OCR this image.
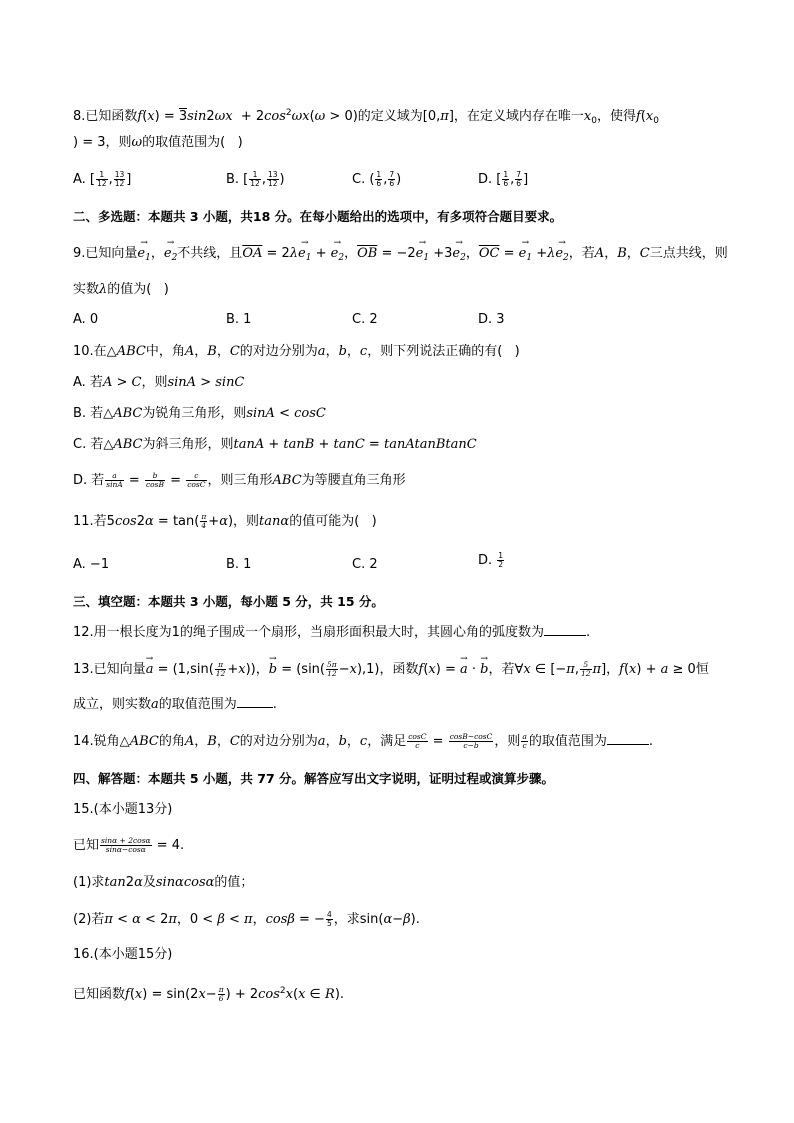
8.已知函数$f(x) = 3\sin 2\omega x + 2\cos^2\omega x(\omega > 0)$的定义域为[0,π]，在定义域内存在唯一$x_0$，使得$f(x_0$
) = 3，则ω的取值范围为(   )
A. [ $\frac{1}{12}$ , $\frac{13}{12}$ ]	B. [ $\frac{1}{12}$ , $\frac{13}{12}$ )	C. ( $\frac{1}{6}$ , $\frac{7}{6}$ )	D. [ $\frac{1}{6}$ , $\frac{7}{6}$ ]
二、多选题：本题共 3 小题，共18 分。在每小题给出的选项中，有多项符合题目要求。
9.已知向量→ $e_1$，→ $e_2$不共线，且$\overline{OA} = 2\lambda\to e_1$ + → $e_2$，$\overline{OB} = -2\to e_1 +3\to e_2$，$\overline{OC}$ = → $e_1 +\lambda\to e_2$，若A，B，C三点共线，则
实数λ的值为(   )
A. 0	B. 1	C. 2	D. 3
10.在△ABC中，角A，B，C的对边分别为a，b，c，则下列说法正确的有(   )
A. 若A > C，则sinA > sinC
B. 若△ABC为锐角三角形，则sinA < cosC
C. 若△ABC为斜三角形，则tanA + tanB + tanC = tanAtanBtanC
D. 若 $\frac{a}{\sin A} = \frac{b}{\cos B} = \frac{c}{\cos C}$ ，则三角形ABC为等腰直角三角形
11.若$5\cos 2\alpha = \tan( \frac{\pi}{4} +\alpha)$，则tanα的值可能为(   )
A. −1	B. 1	C. 2	D. $\frac{1}{2}$
三、填空题：本题共 3 小题，每小题 5 分，共 15 分。
12.用一根长度为1的绳子围成一个扇形，当扇形面积最大时，其圆心角的弧度数为	.
13.已知向量→ $a = (1,\sin( \frac{\pi}{12} +x))$，→ $b = (\sin( \frac{5\pi}{12} -x),1)$，函数f(x) = → a · → b，若∀x ∈ [−π, $\frac{5}{12} \pi$]，f(x) + a ≥ 0恒
成立，则实数a的取值范围为	.
14.锐角△ABC的角A，B，C的对边分别为a，b，c，满足 $\frac{\cos C}{c} = \frac{\cos B-\cos C}{c-b}$ ，则 $\frac{a}{c}$ 的取值范围为	.
四、解答题：本题共 5 小题，共 77 分。解答应写出文字说明，证明过程或演算步骤。
15.(本小题13分)
已知 $\frac{\sin\alpha + 2\cos\alpha}{\sin\alpha-\cos\alpha} = 4$.
(1)求tan2α及sinαcosα的值；
(2)若π < α < 2π，0 < β < π，cosβ = − $\frac{4}{5}$ ，求sin(α−β).
16.(本小题15分)
已知函数$f(x) = \sin(2x- \frac{\pi}{6}$ ) + $2\cos^2x(x$ ∈ R).
